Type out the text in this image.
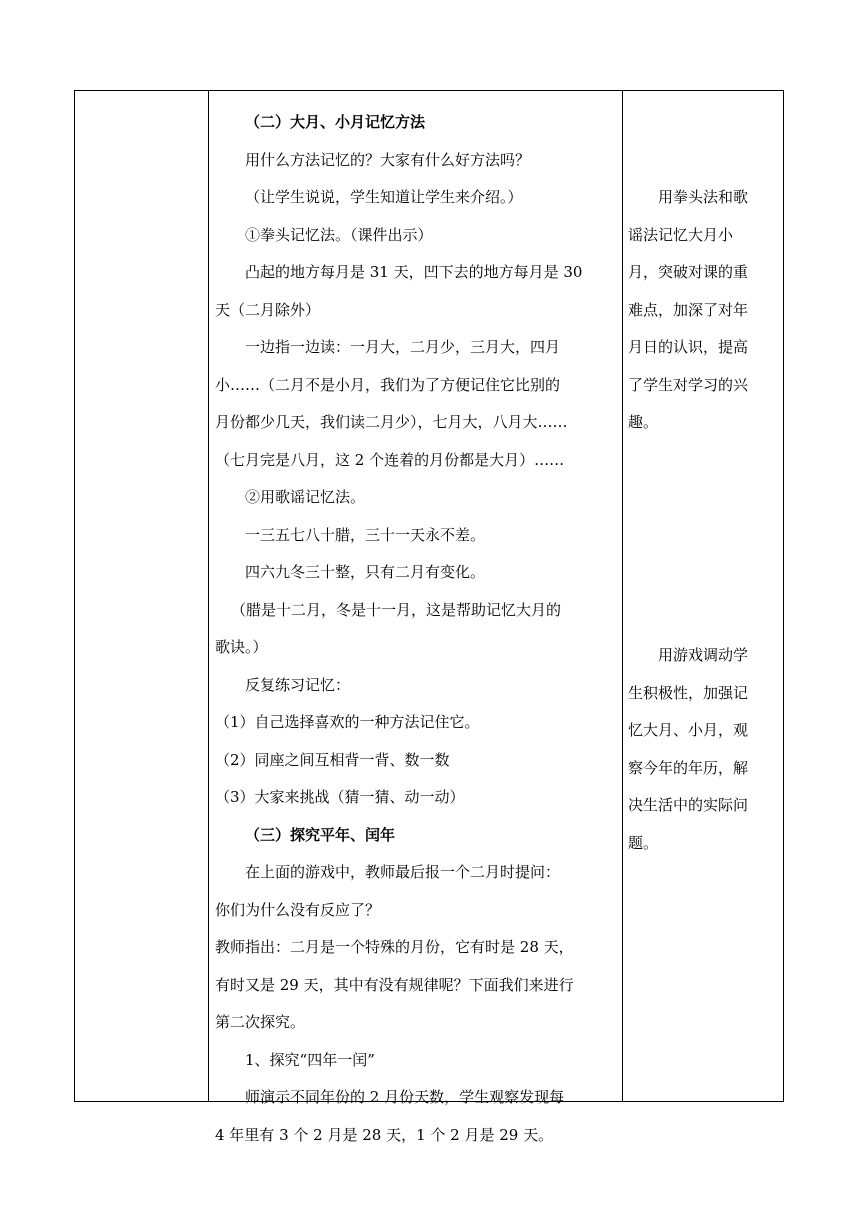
（二）大月、小月记忆方法
用什么方法记忆的？大家有什么好方法吗？
（让学生说说，学生知道让学生来介绍。）
①拳头记忆法。（课件出示）
凸起的地方每月是 31 天，凹下去的地方每月是 30
天（二月除外）
一边指一边读：一月大，二月少，三月大，四月
小……（二月不是小月，我们为了方便记住它比别的
月份都少几天，我们读二月少），七月大，八月大……
（七月完是八月，这 2 个连着的月份都是大月）……
②用歌谣记忆法。
一三五七八十腊，三十一天永不差。
四六九冬三十整，只有二月有变化。
（腊是十二月，冬是十一月，这是帮助记忆大月的
歌诀。）
反复练习记忆：
（1）自己选择喜欢的一种方法记住它。
（2）同座之间互相背一背、数一数
（3）大家来挑战（猜一猜、动一动）
（三）探究平年、闰年
在上面的游戏中，教师最后报一个二月时提问：
你们为什么没有反应了？
教师指出：二月是一个特殊的月份，它有时是 28 天，
有时又是 29 天，其中有没有规律呢？下面我们来进行
第二次探究。
1、探究“四年一闰”
师演示不同年份的 2 月份天数，学生观察发现每
4 年里有 3 个 2 月是 28 天，1 个 2 月是 29 天。
用拳头法和歌
谣法记忆大月小
月，突破对课的重
难点，加深了对年
月日的认识，提高
了学生对学习的兴
趣。
用游戏调动学
生积极性，加强记
忆大月、小月，观
察今年的年历，解
决生活中的实际问
题。
